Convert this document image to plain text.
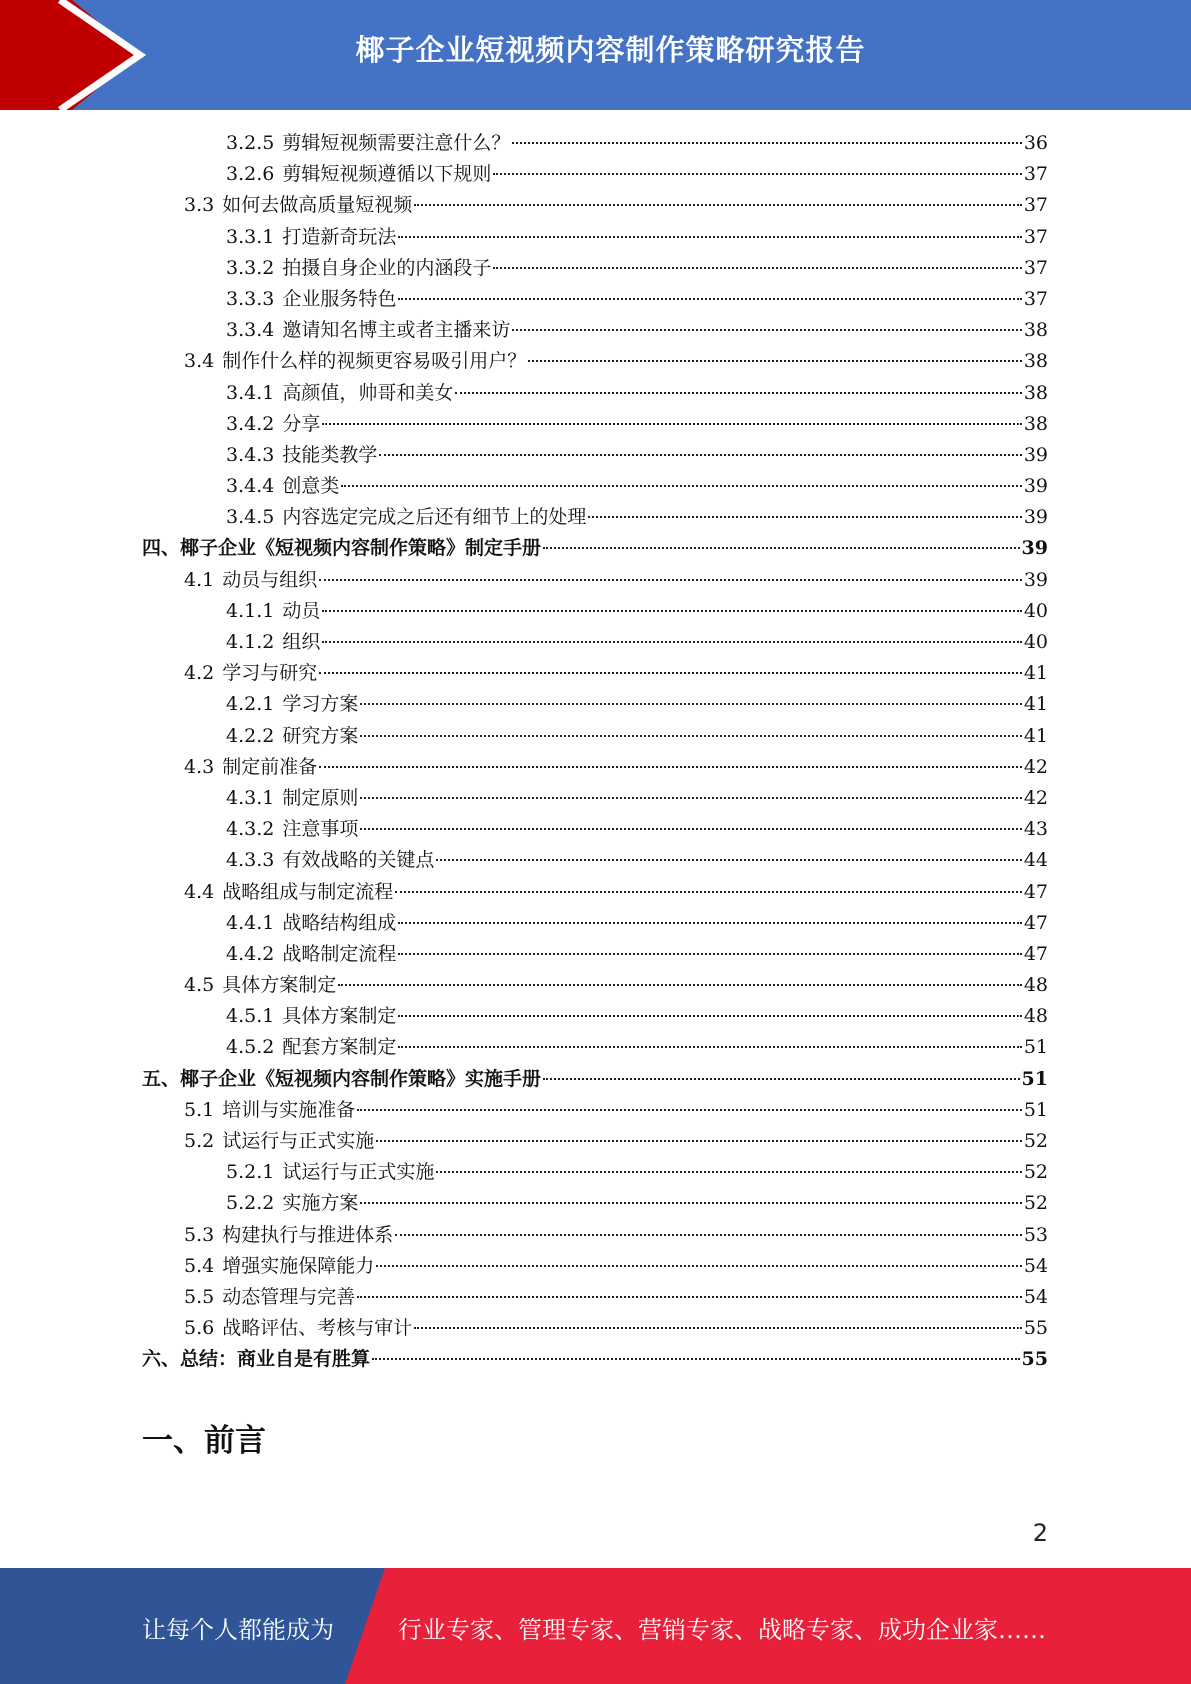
椰子企业短视频内容制作策略研究报告
3.2.5 剪辑短视频需要注意什么？	36
3.2.6 剪辑短视频遵循以下规则	37
3.3 如何去做高质量短视频	37
3.3.1 打造新奇玩法	37
3.3.2 拍摄自身企业的内涵段子	37
3.3.3 企业服务特色	37
3.3.4 邀请知名博主或者主播来访	38
3.4 制作什么样的视频更容易吸引用户？	38
3.4.1 高颜值，帅哥和美女	38
3.4.2 分享	38
3.4.3 技能类教学	39
3.4.4 创意类	39
3.4.5 内容选定完成之后还有细节上的处理	39
四、 椰子企业《短视频内容制作策略》制定手册	39
4.1 动员与组织	39
4.1.1 动员	40
4.1.2 组织	40
4.2 学习与研究	41
4.2.1 学习方案	41
4.2.2 研究方案	41
4.3 制定前准备	42
4.3.1 制定原则	42
4.3.2 注意事项	43
4.3.3 有效战略的关键点	44
4.4 战略组成与制定流程	47
4.4.1 战略结构组成	47
4.4.2 战略制定流程	47
4.5 具体方案制定	48
4.5.1 具体方案制定	48
4.5.2 配套方案制定	51
五、 椰子企业《短视频内容制作策略》实施手册	51
5.1 培训与实施准备	51
5.2 试运行与正式实施	52
5.2.1 试运行与正式实施	52
5.2.2 实施方案	52
5.3 构建执行与推进体系	53
5.4 增强实施保障能力	54
5.5 动态管理与完善	54
5.6 战略评估、考核与审计	55
六、 总结：商业自是有胜算	55
一、前言
2
让每个人都能成为	行业专家、管理专家、营销专家、战略专家、成功企业家……
